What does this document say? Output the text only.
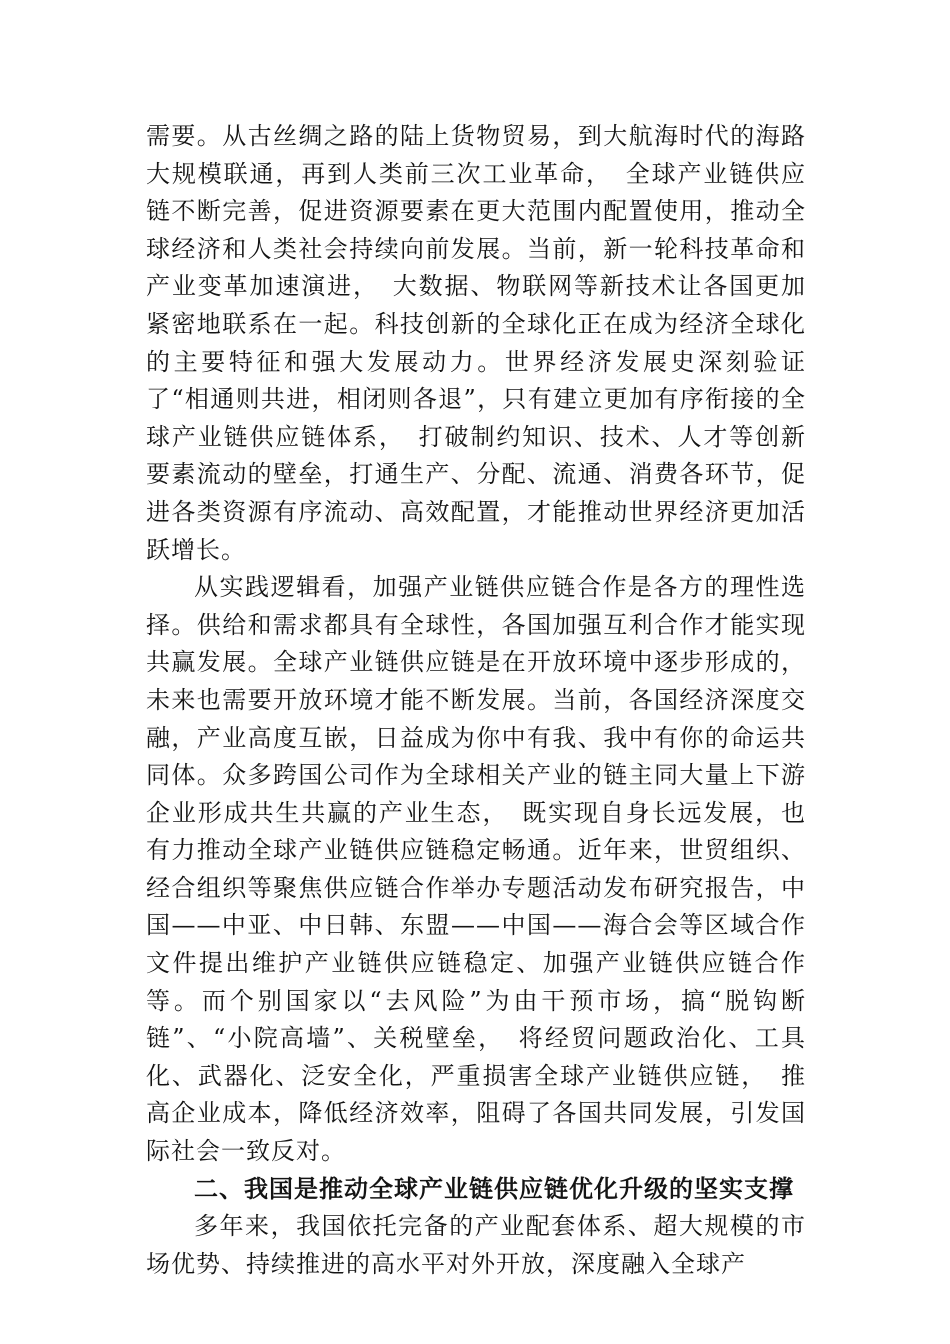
需要。从古丝绸之路的陆上货物贸易，到大航海时代的海路大规模联通，再到人类前三次工业革命，　全球产业链供应链不断完善，促进资源要素在更大范围内配置使用，推动全球经济和人类社会持续向前发展。当前，新一轮科技革命和产业变革加速演进，　大数据、物联网等新技术让各国更加紧密地联系在一起。科技创新的全球化正在成为经济全球化的主要特征和强大发展动力。世界经济发展史深刻验证了“相通则共进，相闭则各退”，只有建立更加有序衔接的全球产业链供应链体系，　打破制约知识、技术、人才等创新要素流动的壁垒，打通生产、分配、流通、消费各环节，促进各类资源有序流动、高效配置，才能推动世界经济更加活跃增长。

从实践逻辑看，加强产业链供应链合作是各方的理性选择。供给和需求都具有全球性，各国加强互利合作才能实现共赢发展。全球产业链供应链是在开放环境中逐步形成的，未来也需要开放环境才能不断发展。当前，各国经济深度交融，产业高度互嵌，日益成为你中有我、我中有你的命运共同体。众多跨国公司作为全球相关产业的链主同大量上下游企业形成共生共赢的产业生态，　既实现自身长远发展，也有力推动全球产业链供应链稳定畅通。近年来，世贸组织、经合组织等聚焦供应链合作举办专题活动发布研究报告，中国——中亚、中日韩、东盟——中国——海合会等区域合作文件提出维护产业链供应链稳定、加强产业链供应链合作等。而个别国家以“去风险”为由干预市场，搞“脱钩断链”、“小院高墙”、关税壁垒，　将经贸问题政治化、工具化、武器化、泛安全化，严重损害全球产业链供应链，　推高企业成本，降低经济效率，阻碍了各国共同发展，引发国际社会一致反对。

二、我国是推动全球产业链供应链优化升级的坚实支撑

多年来，我国依托完备的产业配套体系、超大规模的市场优势、持续推进的高水平对外开放，深度融入全球产
